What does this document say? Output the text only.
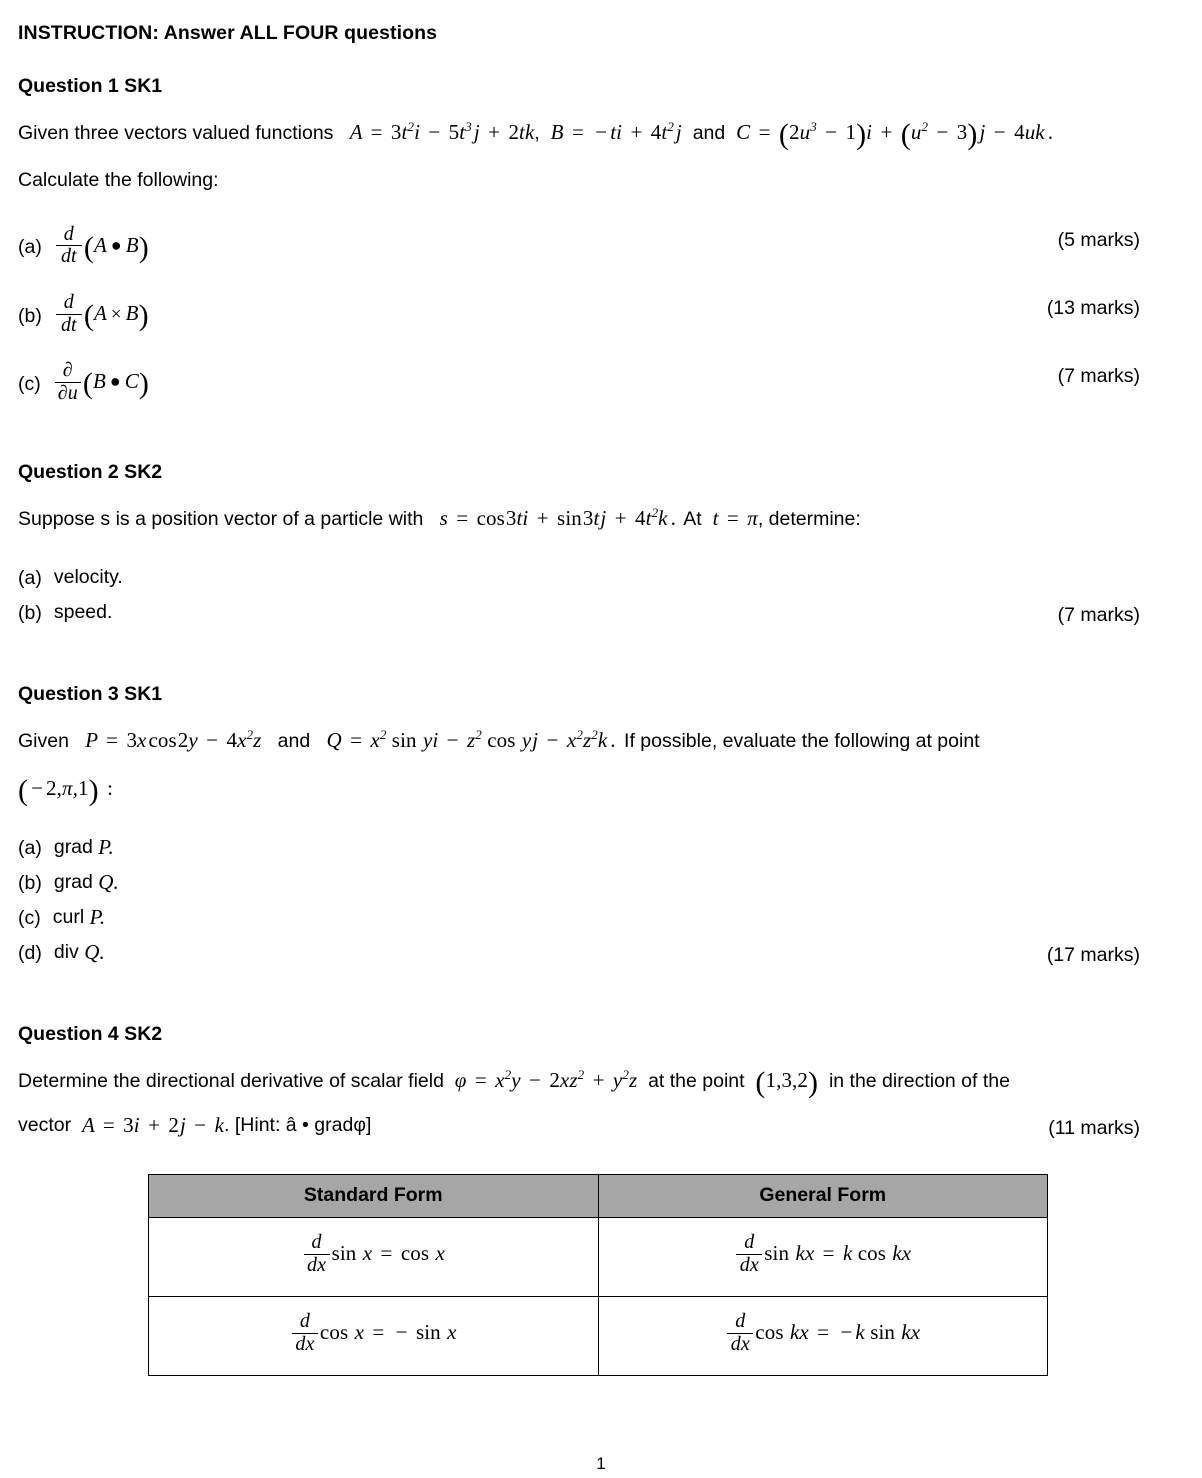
INSTRUCTION: Answer ALL FOUR questions
Question 1 SK1
Given three vectors valued functions $A = 3t^2i - 5t^3j + 2tk$, B = − ti + $4t^2j$ and $C = (2u^3 - 1)i + (u^2 - 3)j - 4uk$ .
Calculate the following:
$(a) \frac{d}{dt} (A$ ● B)	(5 marks)
$(b) \frac{d}{dt} (A \times B)$	(13 marks)
$(c) \frac{\partial}{\partial u} (B$ ● C)	(7 marks)
Question 2 SK2
Suppose s is a position vector of a particle with $s = \cos 3ti + \sin 3tj + 4t^2k$ . At t = π, determine:
(a) velocity.
(b) speed.	(7 marks)
Question 3 SK1
Given $P = 3xcos2y - 4x^2z$ and $Q = x^2$ sin yi − $z^2$ cos yj − $x^2z^2k$ . If possible, evaluate the following at point
( − 2,π,1) :
(a) grad
P.
(b) grad
Q.
(c) curl
P.
(d) div
Q.	(17 marks)
Question 4 SK2
Determine the directional derivative of scalar field $\varphi = x^2y - 2xz^2 + y^2z$ at the point (1,3,2) in the direction of the
vector
A = 3i + 2j − k . [Hint: â • gradφ]	(11 marks)
Standard Form	General Form

$\frac{d}{dx}$ sin x = cos x	$\frac{d}{dx}$ sin kx = k cos kx

$\frac{d}{dx}$ cos x = − sin x	$\frac{d}{dx}$ cos kx = − k sin kx
1
